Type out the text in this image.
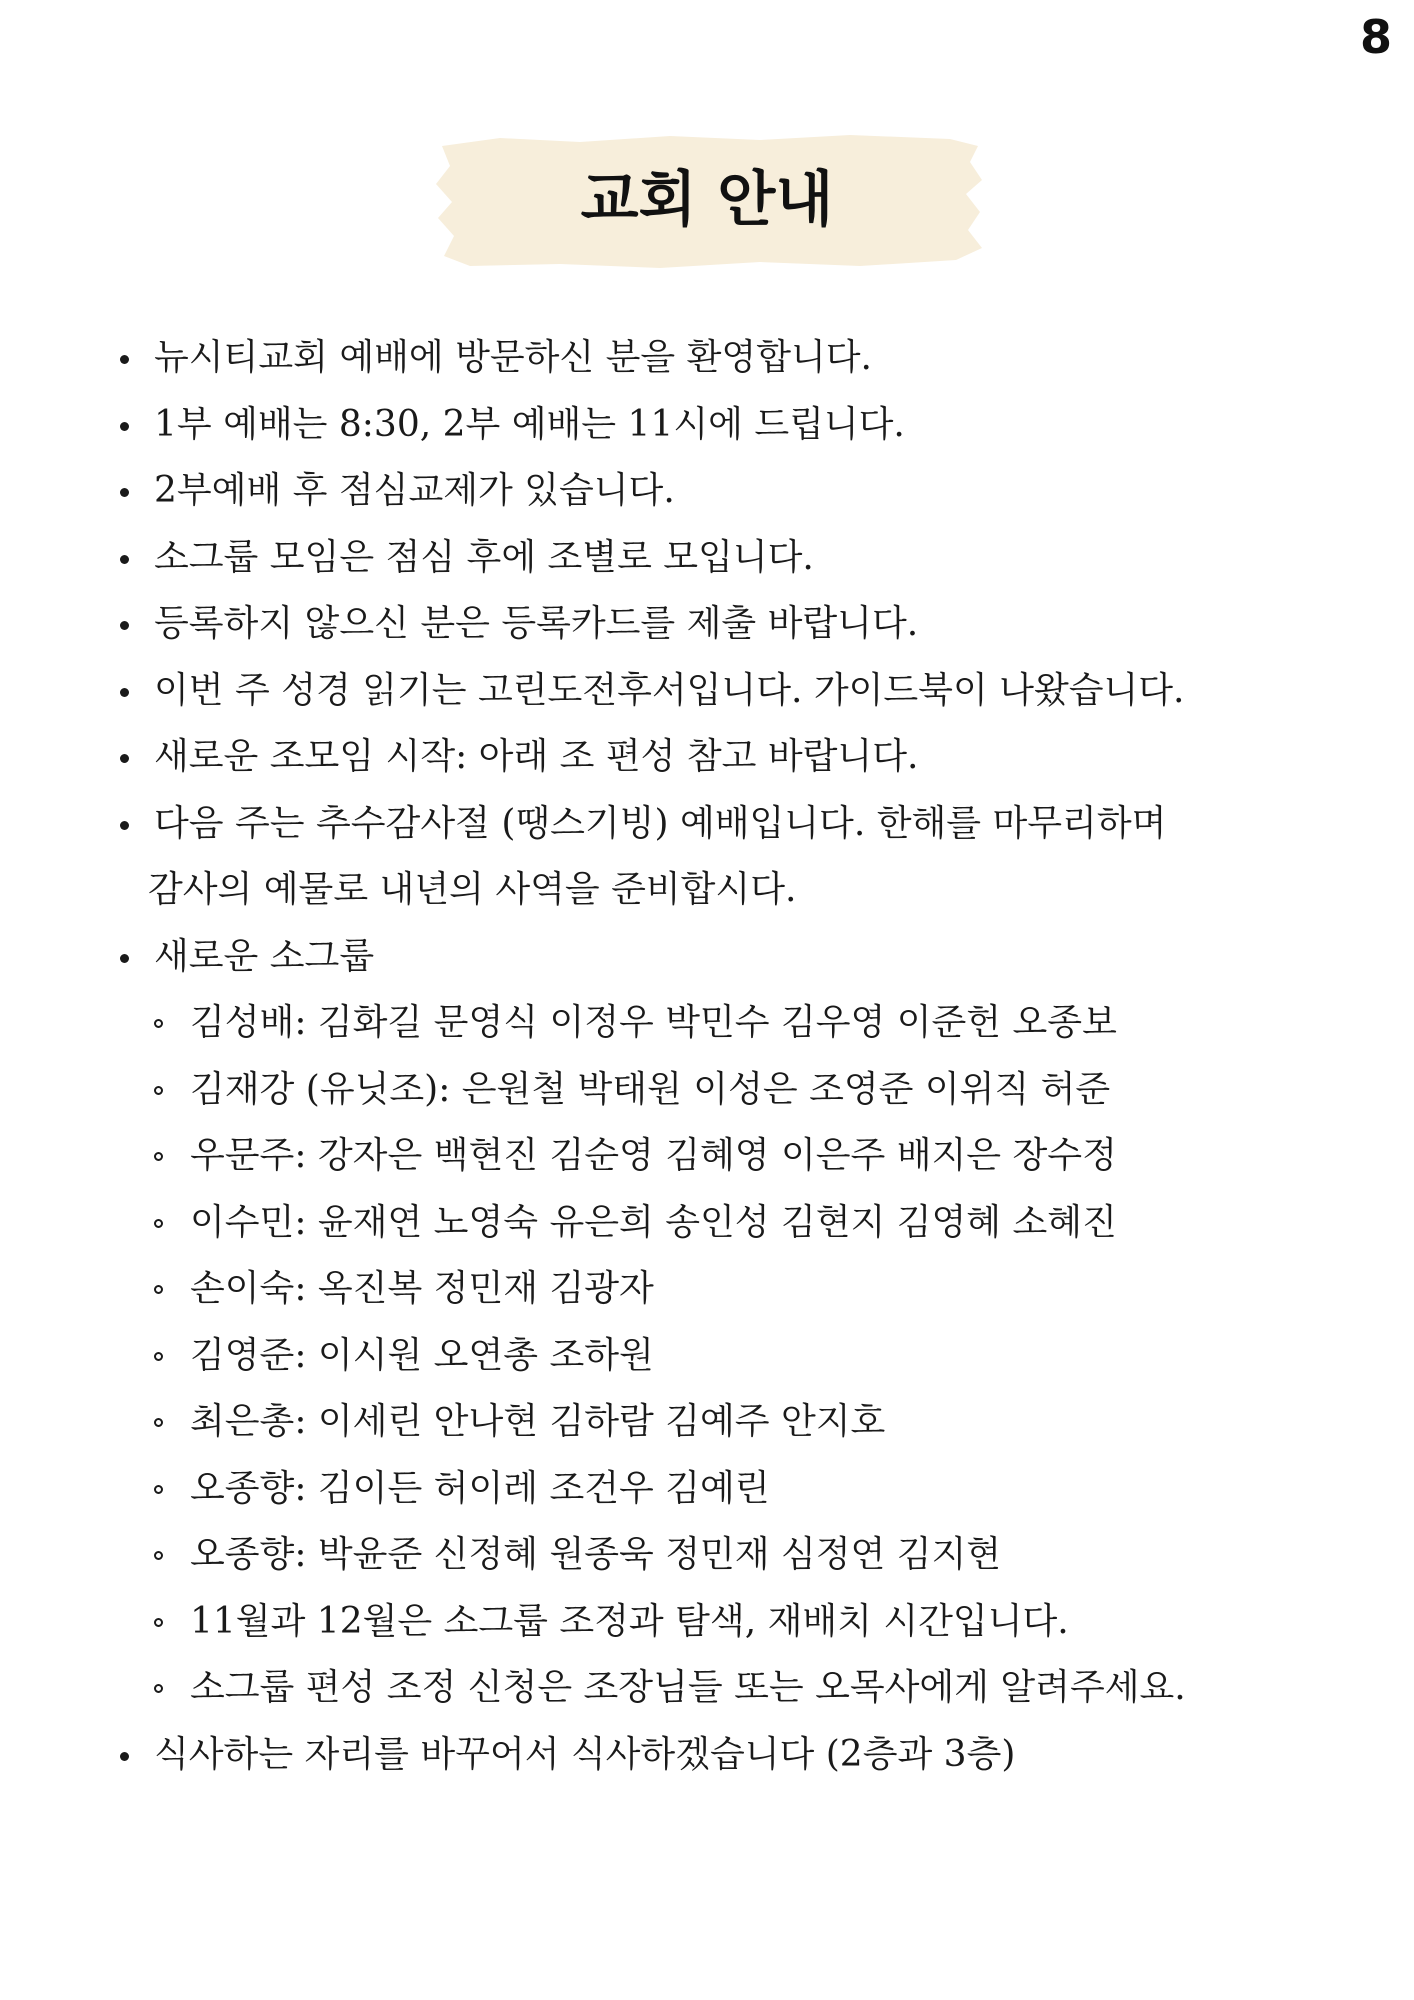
8
교회 안내
뉴시티교회 예배에 방문하신 분을 환영합니다.
1부 예배는 8:30, 2부 예배는 11시에 드립니다.
2부예배 후 점심교제가 있습니다.
소그룹 모임은 점심 후에 조별로 모입니다.
등록하지 않으신 분은 등록카드를 제출 바랍니다.
이번 주 성경 읽기는 고린도전후서입니다. 가이드북이 나왔습니다.
새로운 조모임 시작: 아래 조 편성 참고 바랍니다.
다음 주는 추수감사절 (땡스기빙) 예배입니다. 한해를 마무리하며
감사의 예물로 내년의 사역을 준비합시다.
새로운 소그룹
김성배: 김화길 문영식 이정우 박민수 김우영 이준헌 오종보
김재강 (유닛조): 은원철 박태원 이성은 조영준 이위직 허준
우문주: 강자은 백현진 김순영 김혜영 이은주 배지은 장수정
이수민: 윤재연 노영숙 유은희 송인성 김현지 김영혜 소혜진
손이숙: 옥진복 정민재 김광자
김영준: 이시원 오연총 조하원
최은총: 이세린 안나현 김하람 김예주 안지호
오종향: 김이든 허이레 조건우 김예린
오종향: 박윤준 신정혜 원종욱 정민재 심정연 김지현
11월과 12월은 소그룹 조정과 탐색, 재배치 시간입니다.
소그룹 편성 조정 신청은 조장님들 또는 오목사에게 알려주세요.
식사하는 자리를 바꾸어서 식사하겠습니다 (2층과 3층)
